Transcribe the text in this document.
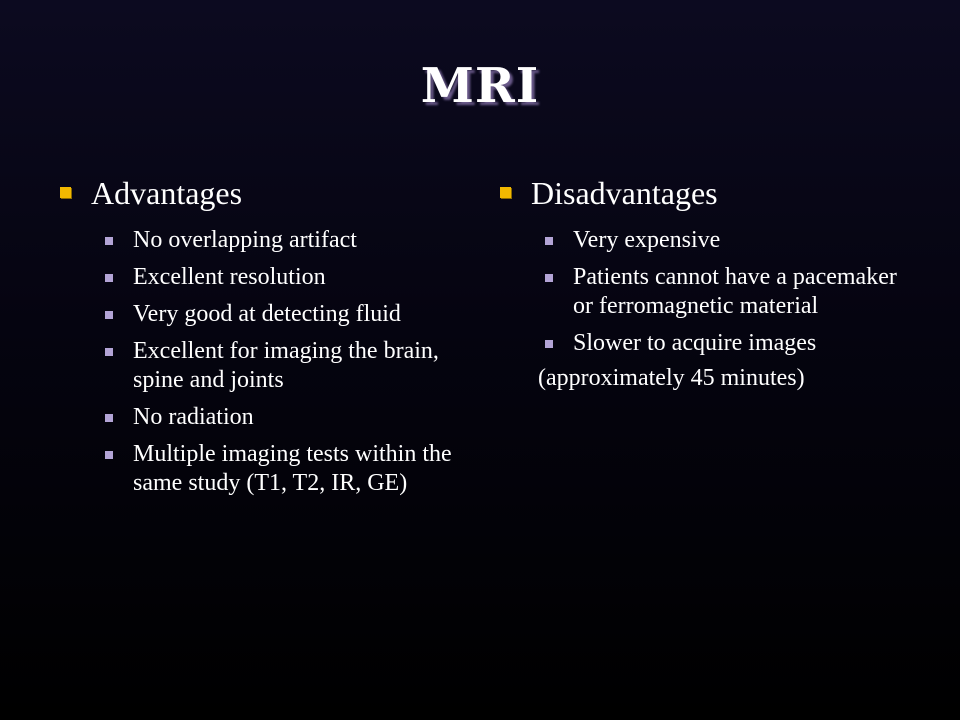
MRI
Advantages
No overlapping artifact
Excellent resolution
Very good at detecting fluid
Excellent for imaging the brain, spine and joints
No radiation
Multiple imaging tests within the same study (T1, T2, IR, GE)
Disadvantages
Very expensive
Patients cannot have a pacemaker or ferromagnetic material
Slower to acquire images
(approximately 45 minutes)
